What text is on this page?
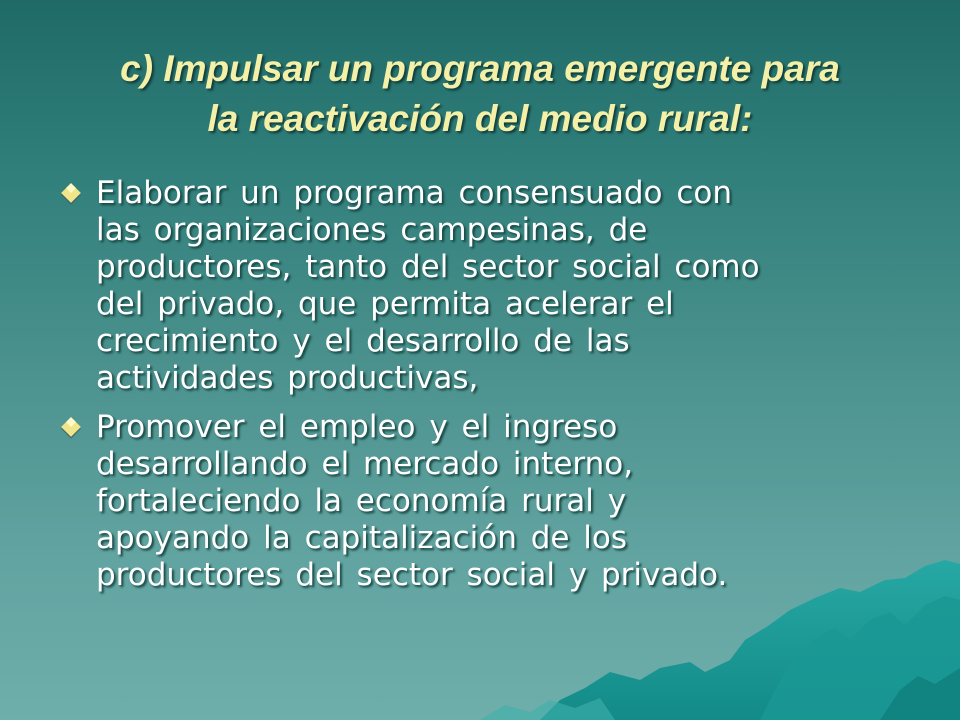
c) Impulsar un programa emergente para
la reactivación del medio rural:
Elaborar un programa consensuado con
las organizaciones campesinas, de
productores, tanto del sector social como
del privado, que permita acelerar el
crecimiento y el desarrollo de las
actividades productivas,
Promover el empleo y el ingreso
desarrollando el mercado interno,
fortaleciendo la economía rural y
apoyando la capitalización de los
productores del sector social y privado.
